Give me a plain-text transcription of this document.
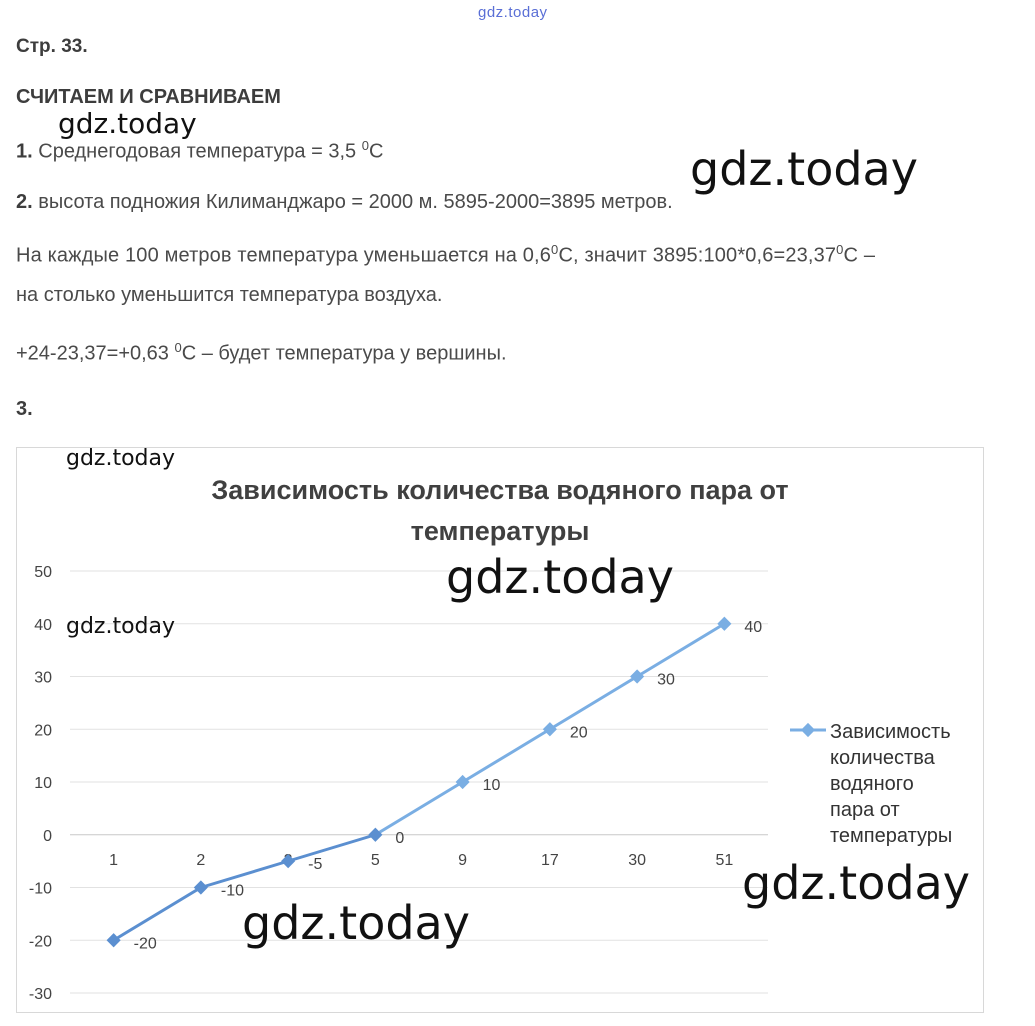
gdz.today
Стр. 33.
СЧИТАЕМ И СРАВНИВАЕМ
1. Среднегодовая температура = 3,5 $^0$С
2. высота подножия Килиманджаро = 2000 м. 5895-2000=3895 метров.
На каждые 100 метров температура уменьшается на $0,6^0С$, значит $3895:100*0,6=23,37^0С$ –
на столько уменьшится температура воздуха.
+24-23,37=+0,63 $^0$С – будет температура у вершины.
3.
Зависимость количества водяного пара от
температуры
-30
-20
-10
0
10
20
30
40
50
1	2	5	9	17	30	51
-20
-10
-5
0
10
20
30
40
Зависимость
количества
водяного
пара от
температуры
gdz.today
gdz.today
gdz.today
gdz.today
gdz.today
gdz.today
gdz.today
